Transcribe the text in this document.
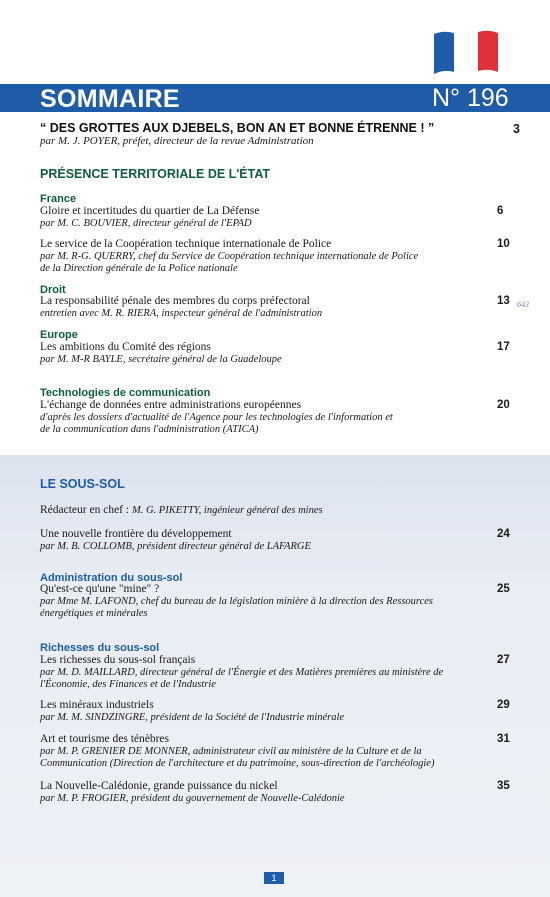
SOMMAIRE	N° 196
“ DES GROTTES AUX DJEBELS, BON AN ET BONNE ÉTRENNE ! ”
par M. J. POYER, préfet, directeur de la revue Administration
3
PRÉSENCE TERRITORIALE DE L'ÉTAT
France
Gloire et incertitudes du quartier de La Défense
par M. C. BOUVIER, directeur général de l'EPAD
6
Le service de la Coopération technique internationale de Police
par M. R-G. QUERRY, chef du Service de Coopération technique internationale de Police
de la Direction générale de la Police nationale
10
Droit
La responsabilité pénale des membres du corps préfectoral
entretien avec M. R. RIERA, inspecteur général de l'administration
13 643
Europe
Les ambitions du Comité des régions
par M. M-R BAYLE, secrétaire général de la Guadeloupe
17
Technologies de communication
L'échange de données entre administrations européennes
d'après les dossiers d'actualité de l'Agence pour les technologies de l'information et
de la communication dans l'administration (ATICA)
20
LE SOUS-SOL
Rédacteur en chef : M. G. PIKETTY, ingénieur général des mines
Une nouvelle frontière du développement
par M. B. COLLOMB, président directeur général de LAFARGE
24
Administration du sous-sol
Qu'est-ce qu'une "mine" ?
par Mme M. LAFOND, chef du bureau de la législation minière à la direction des Ressources
énergétiques et minérales
25
Richesses du sous-sol
Les richesses du sous-sol français
par M. D. MAILLARD, directeur général de l'Énergie et des Matières premières au ministère de
l'Économie, des Finances et de l'Industrie
27
Les minéraux industriels
par M. M. SINDZINGRE, président de la Société de l'Industrie minérale
29
Art et tourisme des ténèbres
par M. P. GRENIER DE MONNER, administrateur civil au ministère de la Culture et de la
Communication (Direction de l'architecture et du patrimoine, sous-direction de l'archéologie)
31
La Nouvelle-Calédonie, grande puissance du nickel
par M. P. FROGIER, président du gouvernement de Nouvelle-Calédonie
35
1
